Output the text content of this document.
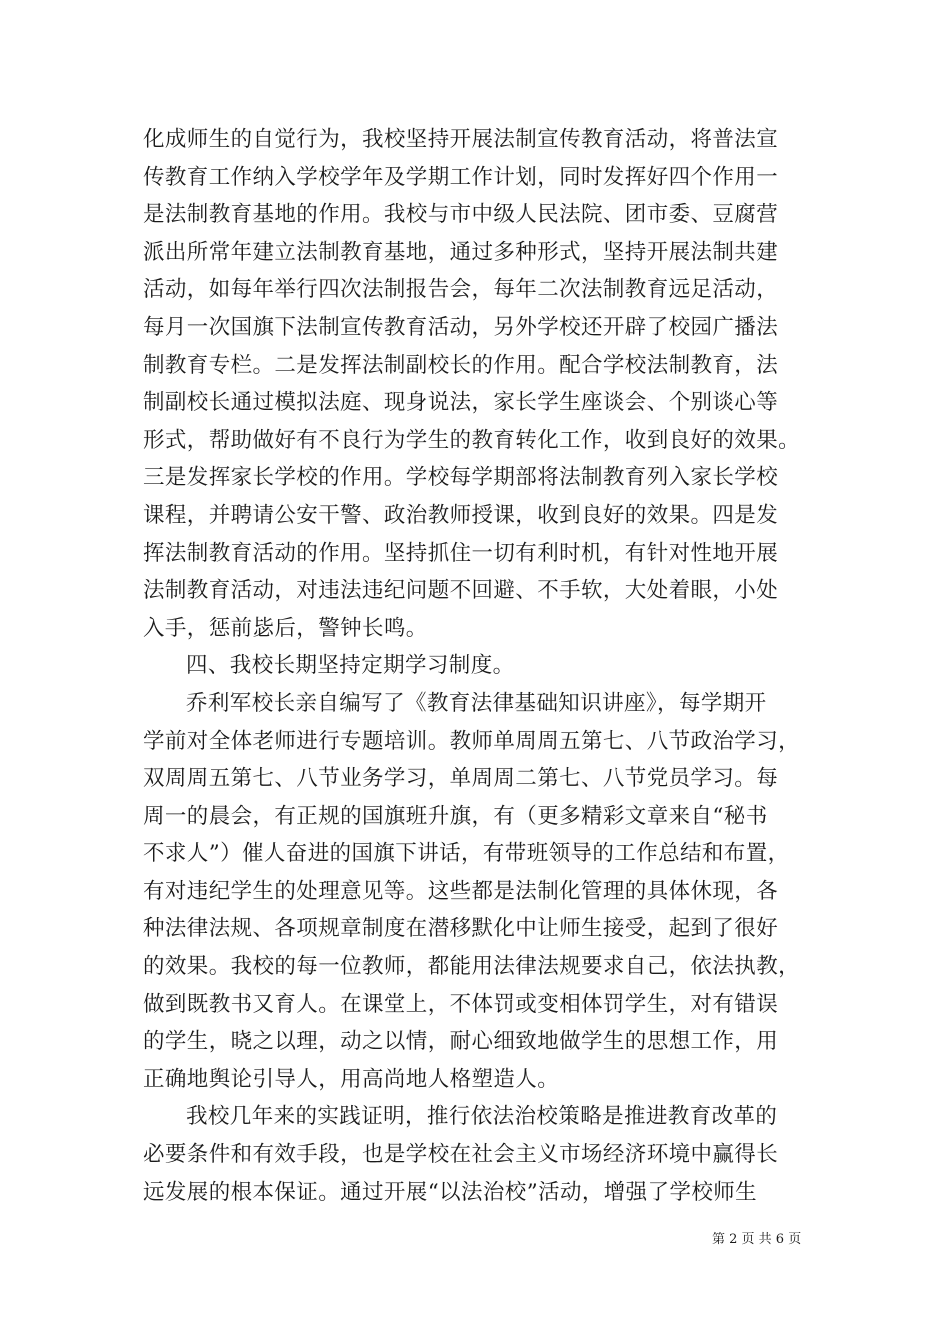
化成师生的自觉行为，我校坚持开展法制宣传教育活动，将普法宣
传教育工作纳入学校学年及学期工作计划，同时发挥好四个作用一
是法制教育基地的作用。我校与市中级人民法院、团市委、豆腐营
派出所常年建立法制教育基地，通过多种形式，坚持开展法制共建
活动，如每年举行四次法制报告会，每年二次法制教育远足活动，
每月一次国旗下法制宣传教育活动，另外学校还开辟了校园广播法
制教育专栏。二是发挥法制副校长的作用。配合学校法制教育，法
制副校长通过模拟法庭、现身说法，家长学生座谈会、个别谈心等
形式，帮助做好有不良行为学生的教育转化工作，收到良好的效果。
三是发挥家长学校的作用。学校每学期部将法制教育列入家长学校
课程，并聘请公安干警、政治教师授课，收到良好的效果。四是发
挥法制教育活动的作用。坚持抓住一切有利时机，有针对性地开展
法制教育活动，对违法违纪问题不回避、不手软，大处着眼，小处
入手，惩前毖后，警钟长鸣。
四、我校长期坚持定期学习制度。
乔利军校长亲自编写了《教育法律基础知识讲座》，每学期开
学前对全体老师进行专题培训。教师单周周五第七、八节政治学习，
双周周五第七、八节业务学习，单周周二第七、八节党员学习。每
周一的晨会，有正规的国旗班升旗，有（更多精彩文章来自“秘书
不求人”）催人奋进的国旗下讲话，有带班领导的工作总结和布置，
有对违纪学生的处理意见等。这些都是法制化管理的具体休现，各
种法律法规、各项规章制度在潜移默化中让师生接受，起到了很好
的效果。我校的每一位教师，都能用法律法规要求自己，依法执教，
做到既教书又育人。在课堂上，不体罚或变相体罚学生，对有错误
的学生，晓之以理，动之以情，耐心细致地做学生的思想工作，用
正确地舆论引导人，用高尚地人格塑造人。
我校几年来的实践证明，推行依法治校策略是推进教育改革的
必要条件和有效手段，也是学校在社会主义市场经济环境中赢得长
远发展的根本保证。通过开展“以法治校”活动，增强了学校师生
第 2 页 共 6 页
